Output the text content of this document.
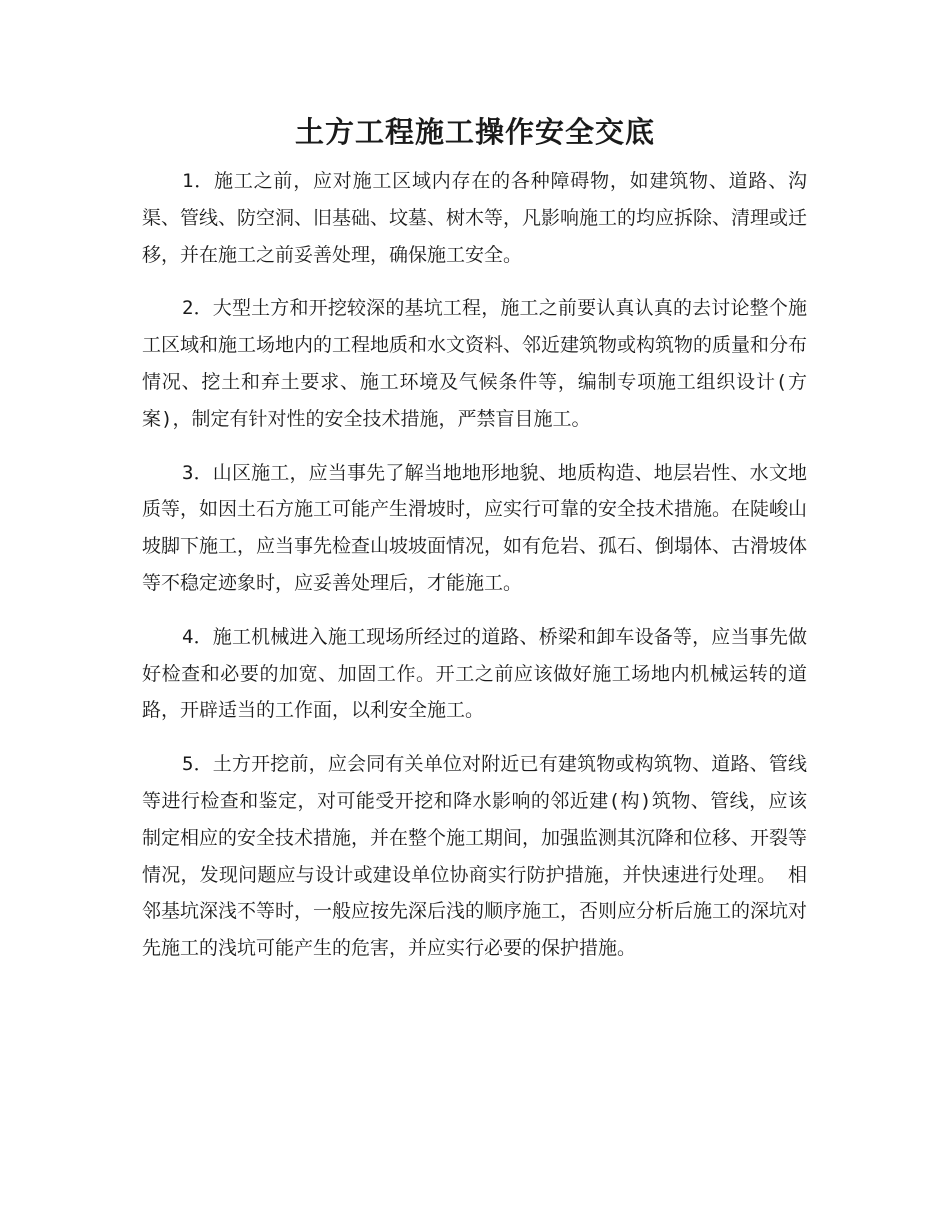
土方工程施工操作安全交底

1．施工之前，应对施工区域内存在的各种障碍物，如建筑物、道路、沟渠、管线、防空洞、旧基础、坟墓、树木等，凡影响施工的均应拆除、清理或迁移，并在施工之前妥善处理，确保施工安全。

2．大型土方和开挖较深的基坑工程，施工之前要认真认真的去讨论整个施工区域和施工场地内的工程地质和水文资料、邻近建筑物或构筑物的质量和分布情况、挖土和弃土要求、施工环境及气候条件等，编制专项施工组织设计(方案)，制定有针对性的安全技术措施，严禁盲目施工。

3．山区施工，应当事先了解当地地形地貌、地质构造、地层岩性、水文地质等，如因土石方施工可能产生滑坡时，应实行可靠的安全技术措施。在陡峻山坡脚下施工，应当事先检查山坡坡面情况，如有危岩、孤石、倒塌体、古滑坡体等不稳定迹象时，应妥善处理后，才能施工。

4．施工机械进入施工现场所经过的道路、桥梁和卸车设备等，应当事先做好检查和必要的加宽、加固工作。开工之前应该做好施工场地内机械运转的道路，开辟适当的工作面，以利安全施工。

5．土方开挖前，应会同有关单位对附近已有建筑物或构筑物、道路、管线等进行检查和鉴定，对可能受开挖和降水影响的邻近建(构)筑物、管线，应该制定相应的安全技术措施，并在整个施工期间，加强监测其沉降和位移、开裂等情况，发现问题应与设计或建设单位协商实行防护措施，并快速进行处理。 相邻基坑深浅不等时，一般应按先深后浅的顺序施工，否则应分析后施工的深坑对先施工的浅坑可能产生的危害，并应实行必要的保护措施。
